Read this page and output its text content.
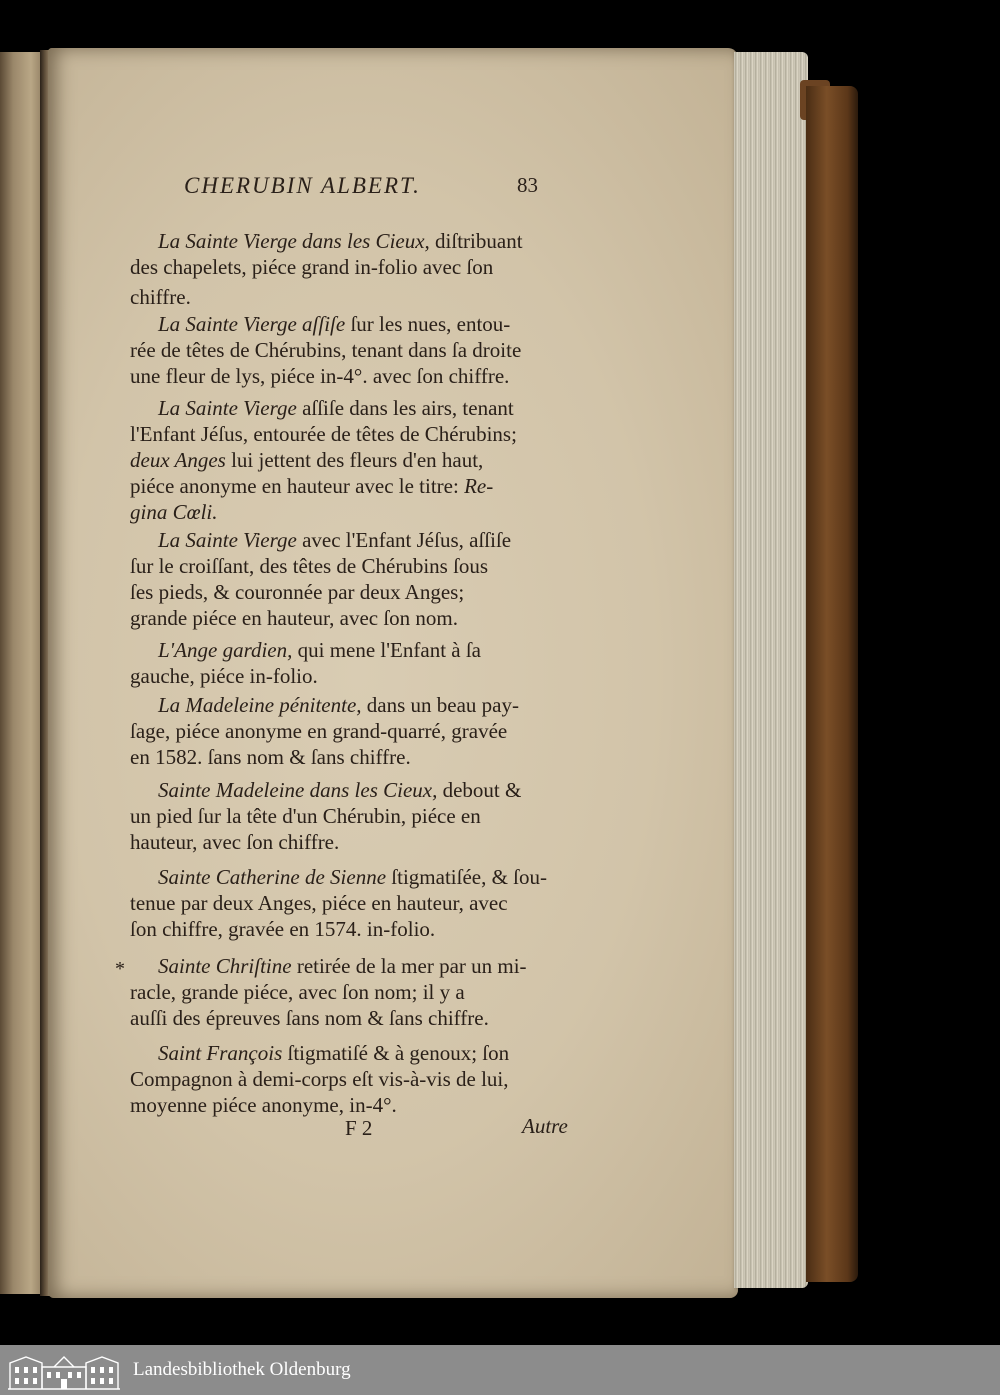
CHERUBIN ALBERT.	83
La Sainte Vierge dans les Cieux, diſtribuant
des chapelets, piéce grand in-folio avec ſon
chiffre.
La Sainte Vierge aſſiſe ſur les nues, entou-
rée de têtes de Chérubins, tenant dans ſa droite
une fleur de lys, piéce in-4°. avec ſon chiffre.
La Sainte Vierge aſſiſe dans les airs, tenant
l'Enfant Jéſus, entourée de têtes de Chérubins;
deux Anges lui jettent des fleurs d'en haut,
piéce anonyme en hauteur avec le titre: Re-
gina Cœli.
La Sainte Vierge avec l'Enfant Jéſus, aſſiſe
ſur le croiſſant, des têtes de Chérubins ſous
ſes pieds, & couronnée par deux Anges;
grande piéce en hauteur, avec ſon nom.
L'Ange gardien, qui mene l'Enfant à ſa
gauche, piéce in-folio.
La Madeleine pénitente, dans un beau pay-
ſage, piéce anonyme en grand-quarré, gravée
en 1582. ſans nom & ſans chiffre.
Sainte Madeleine dans les Cieux, debout &
un pied ſur la tête d'un Chérubin, piéce en
hauteur, avec ſon chiffre.
Sainte Catherine de Sienne ſtigmatiſée, & ſou-
tenue par deux Anges, piéce en hauteur, avec
ſon chiffre, gravée en 1574. in-folio.
Sainte Chriſtine retirée de la mer par un mi-
racle, grande piéce, avec ſon nom; il y a
auſſi des épreuves ſans nom & ſans chiffre.
Saint François ſtigmatiſé & à genoux; ſon
Compagnon à demi-corps eſt vis-à-vis de lui,
moyenne piéce anonyme, in-4°.
*
F 2	Autre
Landesbibliothek Oldenburg
